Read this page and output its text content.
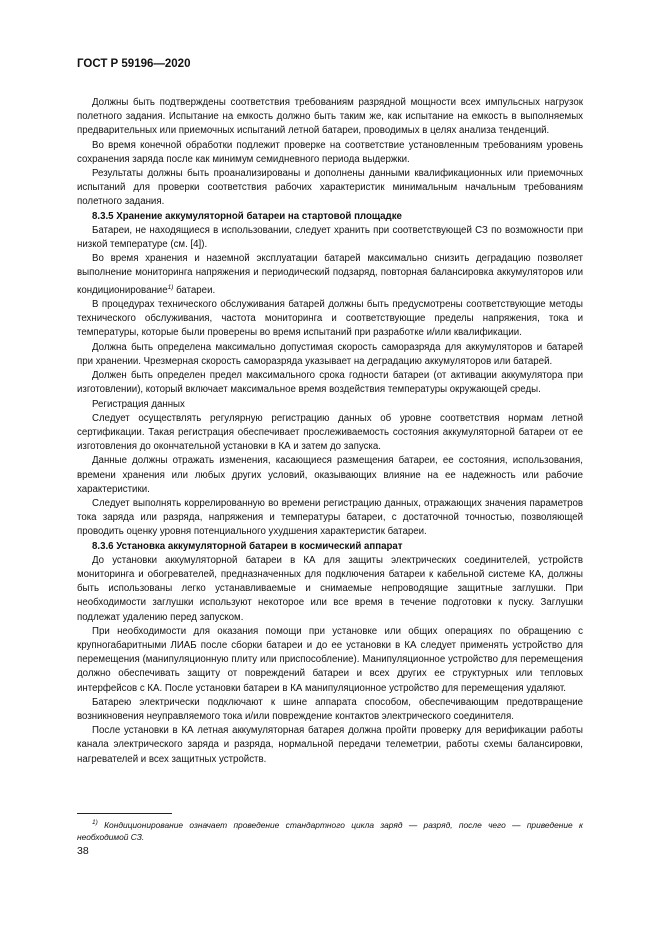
ГОСТ Р 59196—2020

Должны быть подтверждены соответствия требованиям разрядной мощности всех импульсных нагрузок полетного задания. Испытание на емкость должно быть таким же, как испытание на емкость в выполняемых предварительных или приемочных испытаний летной батареи, проводимых в целях анализа тенденций.

Во время конечной обработки подлежит проверке на соответствие установленным требованиям уровень сохранения заряда после как минимум семидневного периода выдержки.

Результаты должны быть проанализированы и дополнены данными квалификационных или приемочных испытаний для проверки соответствия рабочих характеристик минимальным начальным требованиям полетного задания.

8.3.5 Хранение аккумуляторной батареи на стартовой площадке

Батареи, не находящиеся в использовании, следует хранить при соответствующей СЗ по возможности при низкой температуре (см. [4]).

Во время хранения и наземной эксплуатации батарей максимально снизить деградацию позволяет выполнение мониторинга напряжения и периодический подзаряд, повторная балансировка аккумуляторов или кондиционирование$^{1)}$ батареи.

В процедурах технического обслуживания батарей должны быть предусмотрены соответствующие методы технического обслуживания, частота мониторинга и соответствующие пределы напряжения, тока и температуры, которые были проверены во время испытаний при разработке и/или квалификации.

Должна быть определена максимально допустимая скорость саморазряда для аккумуляторов и батарей при хранении. Чрезмерная скорость саморазряда указывает на деградацию аккумуляторов или батарей.

Должен быть определен предел максимального срока годности батареи (от активации аккумулятора при изготовлении), который включает максимальное время воздействия температуры окружающей среды.

Регистрация данных

Следует осуществлять регулярную регистрацию данных об уровне соответствия нормам летной сертификации. Такая регистрация обеспечивает прослеживаемость состояния аккумуляторной батареи от ее изготовления до окончательной установки в КА и затем до запуска.

Данные должны отражать изменения, касающиеся размещения батареи, ее состояния, использования, времени хранения или любых других условий, оказывающих влияние на ее надежность или рабочие характеристики.

Следует выполнять коррелированную во времени регистрацию данных, отражающих значения параметров тока заряда или разряда, напряжения и температуры батареи, с достаточной точностью, позволяющей проводить оценку уровня потенциального ухудшения характеристик батареи.

8.3.6 Установка аккумуляторной батареи в космический аппарат

До установки аккумуляторной батареи в КА для защиты электрических соединителей, устройств мониторинга и обогревателей, предназначенных для подключения батареи к кабельной системе КА, должны быть использованы легко устанавливаемые и снимаемые непроводящие защитные заглушки. При необходимости заглушки используют некоторое или все время в течение подготовки к пуску. Заглушки подлежат удалению перед запуском.

При необходимости для оказания помощи при установке или общих операциях по обращению с крупногабаритными ЛИАБ после сборки батареи и до ее установки в КА следует применять устройство для перемещения (манипуляционную плиту или приспособление). Манипуляционное устройство для перемещения должно обеспечивать защиту от повреждений батареи и всех других ее структурных или тепловых интерфейсов с КА. После установки батареи в КА манипуляционное устройство для перемещения удаляют.

Батарею электрически подключают к шине аппарата способом, обеспечивающим предотвращение возникновения неуправляемого тока и/или повреждение контактов электрического соединителя.

После установки в КА летная аккумуляторная батарея должна пройти проверку для верификации работы канала электрического заряда и разряда, нормальной передачи телеметрии, работы схемы балансировки, нагревателей и всех защитных устройств.

$^{1)}$ Кондиционирование означает проведение стандартного цикла заряд — разряд, после чего — приведение к необходимой СЗ.
38
